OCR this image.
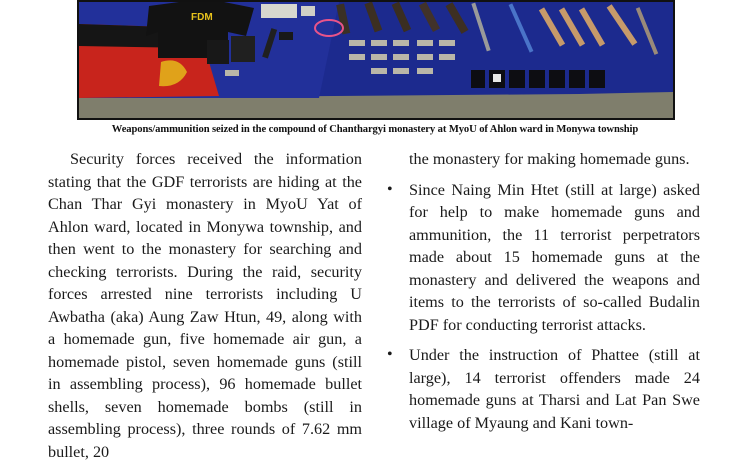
FDM
Weapons/ammunition seized in the compound of Chanthargyi monastery at MyoU of Ahlon ward in Monywa township

Security forces received the information stating that the GDF terrorists are hiding at the Chan Thar Gyi monastery in MyoU Yat of Ahlon ward, located in Monywa township, and then went to the monastery for searching and checking terrorists. During the raid, security forces arrested nine terrorists including U Awbatha (aka) Aung Zaw Htun, 49, along with a homemade gun, five homemade air gun, a homemade pistol, seven homemade guns (still in assembling process), 96 homemade bullet shells, seven homemade bombs (still in assembling process), three rounds of 7.62 mm bullet, 20

the monastery for making homemade guns.

• Since Naing Min Htet (still at large) asked for help to make homemade guns and ammunition, the 11 terrorist perpetrators made about 15 homemade guns at the monastery and delivered the weapons and items to the terrorists of so-called Budalin PDF for conducting terrorist attacks.

• Under the instruction of Phattee (still at large), 14 terrorist offenders made 24 homemade guns at Tharsi and Lat Pan Swe village of Myaung and Kani town-
